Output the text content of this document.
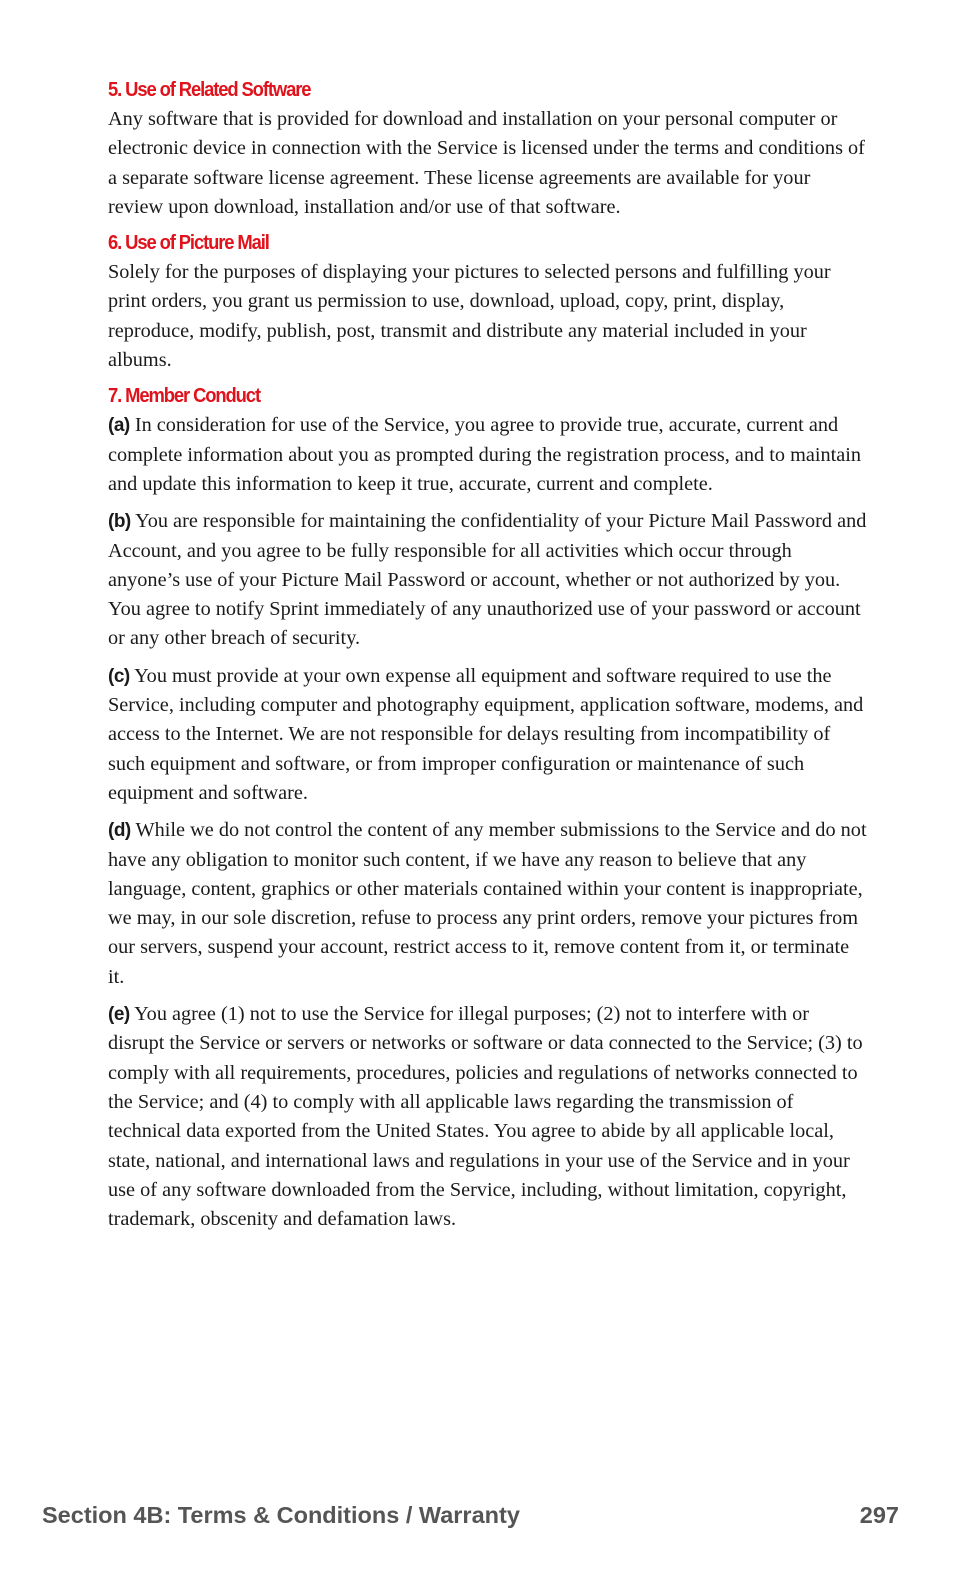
5. Use of Related Software

Any software that is provided for download and installation on your personal computer or electronic device in connection with the Service is licensed under the terms and conditions of a separate software license agreement. These license agreements are available for your review upon download, installation and/or use of that software.

6. Use of Picture Mail

Solely for the purposes of displaying your pictures to selected persons and fulfilling your print orders, you grant us permission to use, download, upload, copy, print, display, reproduce, modify, publish, post, transmit and distribute any material included in your albums.

7. Member Conduct

(a) In consideration for use of the Service, you agree to provide true, accurate, current and complete information about you as prompted during the registration process, and to maintain and update this information to keep it true, accurate, current and complete.

(b) You are responsible for maintaining the confidentiality of your Picture Mail Password and Account, and you agree to be fully responsible for all activities which occur through anyone’s use of your Picture Mail Password or account, whether or not authorized by you. You agree to notify Sprint immediately of any unauthorized use of your password or account or any other breach of security.

(c) You must provide at your own expense all equipment and software required to use the Service, including computer and photography equipment, application software, modems, and access to the Internet. We are not responsible for delays resulting from incompatibility of such equipment and software, or from improper configuration or maintenance of such equipment and software.

(d) While we do not control the content of any member submissions to the Service and do not have any obligation to monitor such content, if we have any reason to believe that any language, content, graphics or other materials contained within your content is inappropriate, we may, in our sole discretion, refuse to process any print orders, remove your pictures from our servers, suspend your account, restrict access to it, remove content from it, or terminate it.

(e) You agree (1) not to use the Service for illegal purposes; (2) not to interfere with or disrupt the Service or servers or networks or software or data connected to the Service; (3) to comply with all requirements, procedures, policies and regulations of networks connected to the Service; and (4) to comply with all applicable laws regarding the transmission of technical data exported from the United States. You agree to abide by all applicable local, state, national, and international laws and regulations in your use of the Service and in your use of any software downloaded from the Service, including, without limitation, copyright, trademark, obscenity and defamation laws.

Section 4B: Terms & Conditions / Warranty	297
